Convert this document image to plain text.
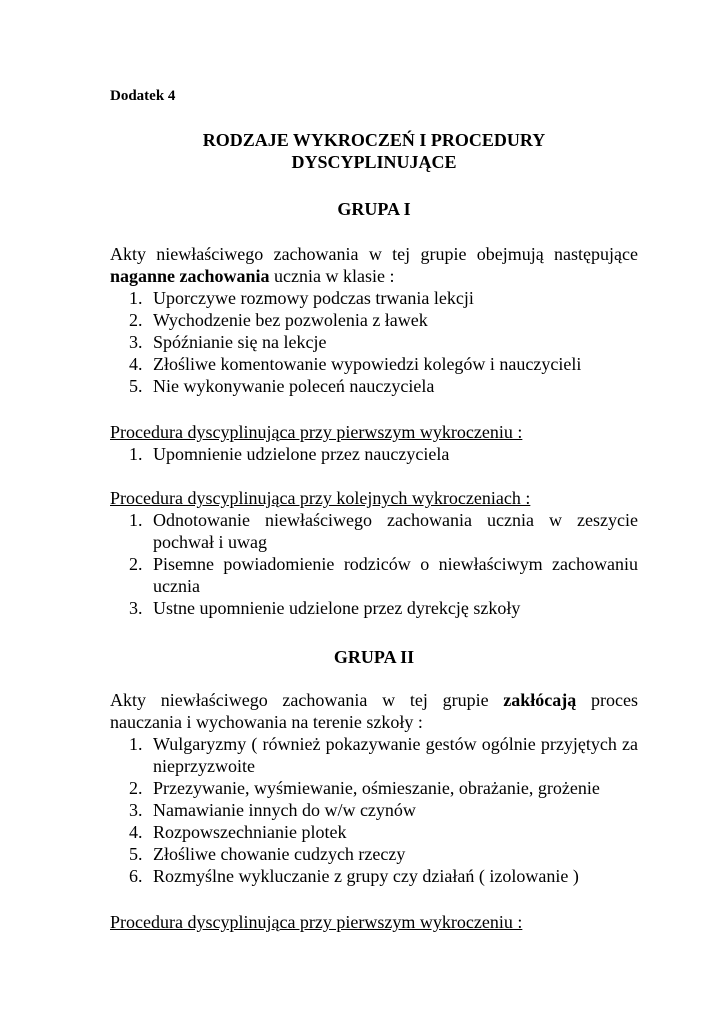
Dodatek 4
RODZAJE WYKROCZEŃ I PROCEDURY
DYSCYPLINUJĄCE
GRUPA I
Akty niewłaściwego zachowania w tej grupie obejmują następujące naganne zachowania ucznia w klasie :
1. Uporczywe rozmowy podczas trwania lekcji
2. Wychodzenie bez pozwolenia z ławek
3. Spóźnianie się na lekcje
4. Złośliwe komentowanie wypowiedzi kolegów i nauczycieli
5. Nie wykonywanie poleceń nauczyciela
Procedura dyscyplinująca przy pierwszym wykroczeniu :
1. Upomnienie udzielone przez nauczyciela
Procedura dyscyplinująca przy kolejnych wykroczeniach :
1. Odnotowanie niewłaściwego zachowania ucznia w zeszycie pochwał i uwag
2. Pisemne powiadomienie rodziców o niewłaściwym zachowaniu ucznia
3. Ustne upomnienie udzielone przez dyrekcję szkoły
GRUPA II
Akty niewłaściwego zachowania w tej grupie zakłócają proces nauczania i wychowania na terenie szkoły :
1. Wulgaryzmy ( również pokazywanie gestów ogólnie przyjętych za nieprzyzwoite
2. Przezywanie, wyśmiewanie, ośmieszanie, obrażanie, grożenie
3. Namawianie innych do w/w czynów
4. Rozpowszechnianie plotek
5. Złośliwe chowanie cudzych rzeczy
6. Rozmyślne wykluczanie z grupy czy działań ( izolowanie )
Procedura dyscyplinująca przy pierwszym wykroczeniu :
